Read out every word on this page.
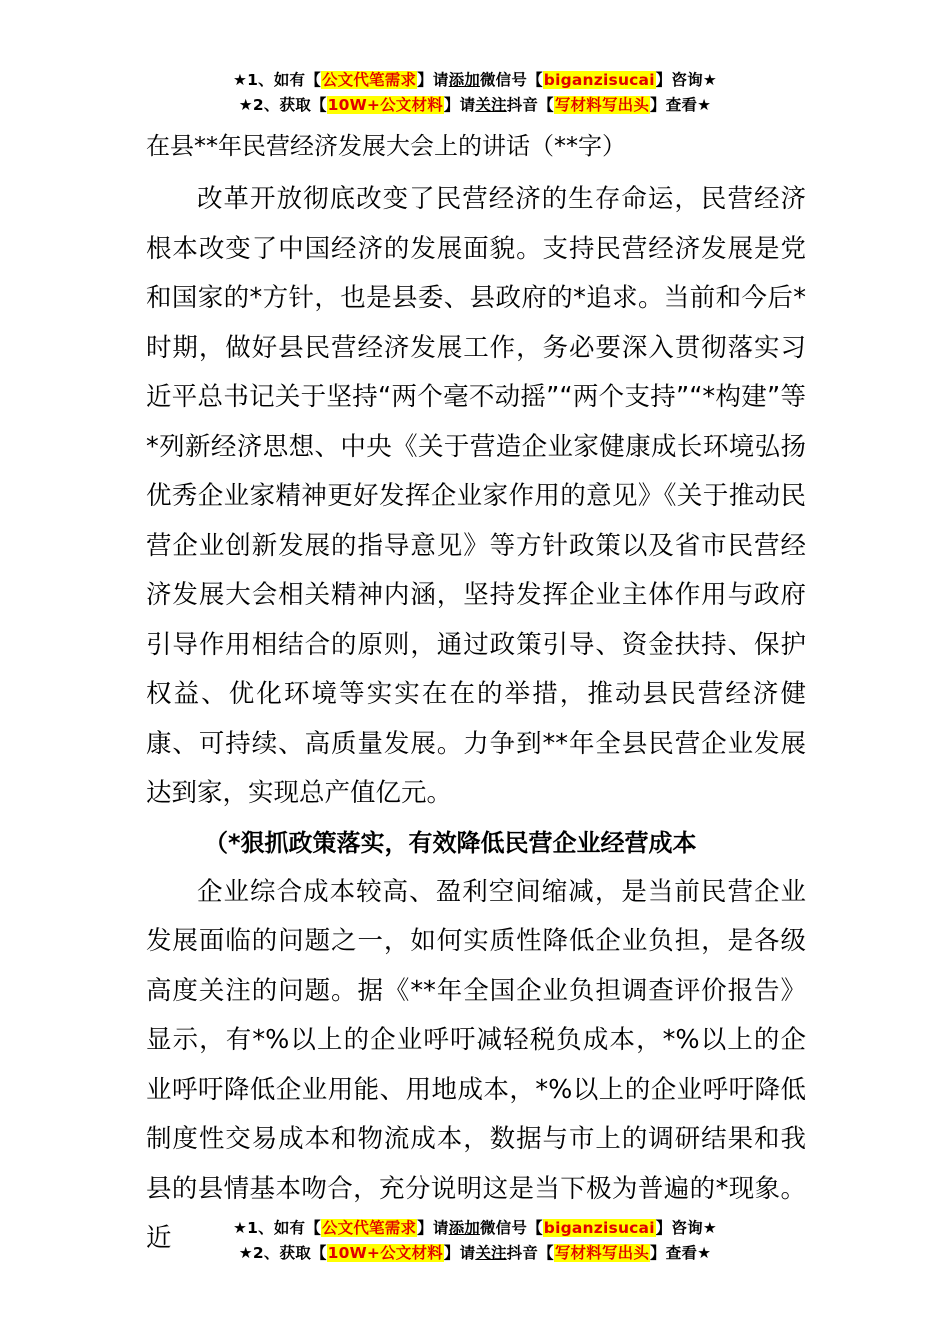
★1、如有【公文代笔需求】请添加微信号【biganzisucai】咨询★
★2、获取【10W+公文材料】请关注抖音【写材料写出头】查看★
在县**年民营经济发展大会上的讲话（**字）

改革开放彻底改变了民营经济的生存命运，民营经济根本改变了中国经济的发展面貌。支持民营经济发展是党和国家的*方针，也是县委、县政府的*追求。当前和今后*时期，做好县民营经济发展工作，务必要深入贯彻落实习近平总书记关于坚持“两个毫不动摇”“两个支持”“*构建”等*列新经济思想、中央《关于营造企业家健康成长环境弘扬优秀企业家精神更好发挥企业家作用的意见》《关于推动民营企业创新发展的指导意见》等方针政策以及省市民营经济发展大会相关精神内涵，坚持发挥企业主体作用与政府引导作用相结合的原则，通过政策引导、资金扶持、保护权益、优化环境等实实在在的举措，推动县民营经济健康、可持续、高质量发展。力争到**年全县民营企业发展达到家，实现总产值亿元。

（*狠抓政策落实，有效降低民营企业经营成本

企业综合成本较高、盈利空间缩减，是当前民营企业发展面临的问题之一，如何实质性降低企业负担，是各级高度关注的问题。据《**年全国企业负担调查评价报告》显示，有*%以上的企业呼吁减轻税负成本，*%以上的企业呼吁降低企业用能、用地成本，*%以上的企业呼吁降低制度性交易成本和物流成本，数据与市上的调研结果和我县的县情基本吻合，充分说明这是当下极为普遍的*现象。近	★1、如有【公文代笔需求】请添加微信号【biganzisucai】咨询★
★2、获取【10W+公文材料】请关注抖音【写材料写出头】查看★
